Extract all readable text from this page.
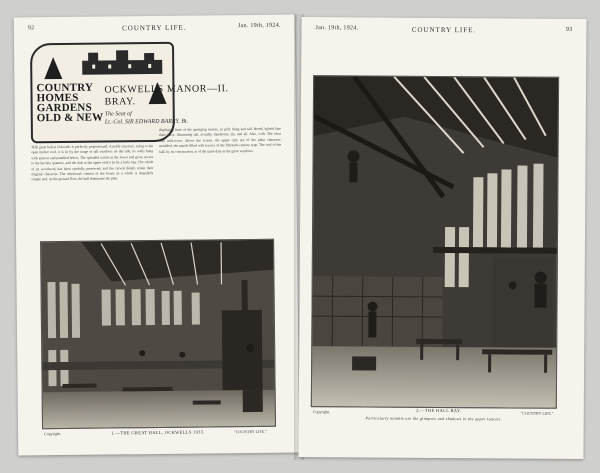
92	COUNTRY LIFE.	Jan. 19th, 1924.
COUNTRY
HOMES
GARDENS
OLD & NEW
OCKWELLS MANOR—II.
BRAY.
The Seat of
Lt.-Col. SIR EDWARD BARRY, Bt.

THE great hall at Ockwells is perfectly proportioned. A noble structure, rising to the open timber roof, it is lit by the range of tall windows on the side, its walls hung with armour and panelled below. The splendid screen at the lower end gives access to the kitchen quarters, and the dais at the upper end is lit by a lofty bay. The whole of its woodwork has been carefully preserved, and the carved details retain their original character. The emotional content of the house as a whole is singularly simple and, on the ground floor, the hall dominates the plan.

displaying lines of the springing trusses, in golf, thing and tall. Breed, hybrid fare there have, illustrating tall, actually, handsome, sly, and all. Also, with. The clear wall mid-tower. Above the screen, the upper rails are of the plain character, moulded, the panels filled with tracery of the fifteenth-century type. The roof of the hall, by its construction, is of the same date as the great windows.

Copyright.	1.—THE GREAT HALL, OCKWELLS 1933.	"COUNTRY LIFE."
Jan. 19th, 1924.	COUNTRY LIFE.	93
Copyright.	2.—THE HALL BAY.
"COUNTRY LIFE."
Particularly notable are the glimpses and shadows in the upper lancets.
